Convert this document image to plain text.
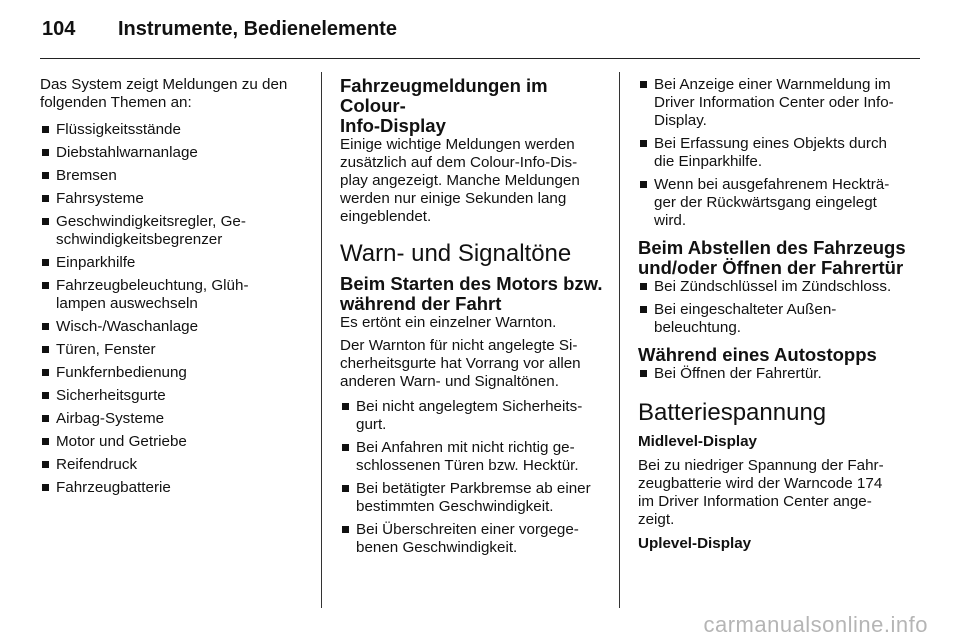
104 Instrumente, Bedienelemente

Das System zeigt Meldungen zu den
folgenden Themen an:

Flüssigkeitsstände
Diebstahlwarnanlage
Bremsen
Fahrsysteme
Geschwindigkeitsregler, Ge-
schwindigkeitsbegrenzer
Einparkhilfe
Fahrzeugbeleuchtung, Glüh-
lampen auswechseln
Wisch-/Waschanlage
Türen, Fenster
Funkfernbedienung
Sicherheitsgurte
Airbag-Systeme
Motor und Getriebe
Reifendruck
Fahrzeugbatterie
Fahrzeugmeldungen im Colour-
Info-Display

Einige wichtige Meldungen werden
zusätzlich auf dem Colour-Info-Dis-
play angezeigt. Manche Meldungen
werden nur einige Sekunden lang
eingeblendet.

Warn- und Signaltöne
Beim Starten des Motors bzw.
während der Fahrt

Es ertönt ein einzelner Warnton.

Der Warnton für nicht angelegte Si-
cherheitsgurte hat Vorrang vor allen
anderen Warn- und Signaltönen.

Bei nicht angelegtem Sicherheits-
gurt.
Bei Anfahren mit nicht richtig ge-
schlossenen Türen bzw. Hecktür.
Bei betätigter Parkbremse ab einer
bestimmten Geschwindigkeit.
Bei Überschreiten einer vorgege-
benen Geschwindigkeit.
Bei Anzeige einer Warnmeldung im
Driver Information Center oder Info-
Display.
Bei Erfassung eines Objekts durch
die Einparkhilfe.
Wenn bei ausgefahrenem Heckträ-
ger der Rückwärtsgang eingelegt
wird.
Beim Abstellen des Fahrzeugs
und/oder Öffnen der Fahrertür
Bei Zündschlüssel im Zündschloss.
Bei eingeschalteter Außen-
beleuchtung.
Während eines Autostopps
Bei Öffnen der Fahrertür.
Batteriespannung
Midlevel-Display

Bei zu niedriger Spannung der Fahr-
zeugbatterie wird der Warncode 174
im Driver Information Center ange-
zeigt.

Uplevel-Display
carmanualsonline.info
